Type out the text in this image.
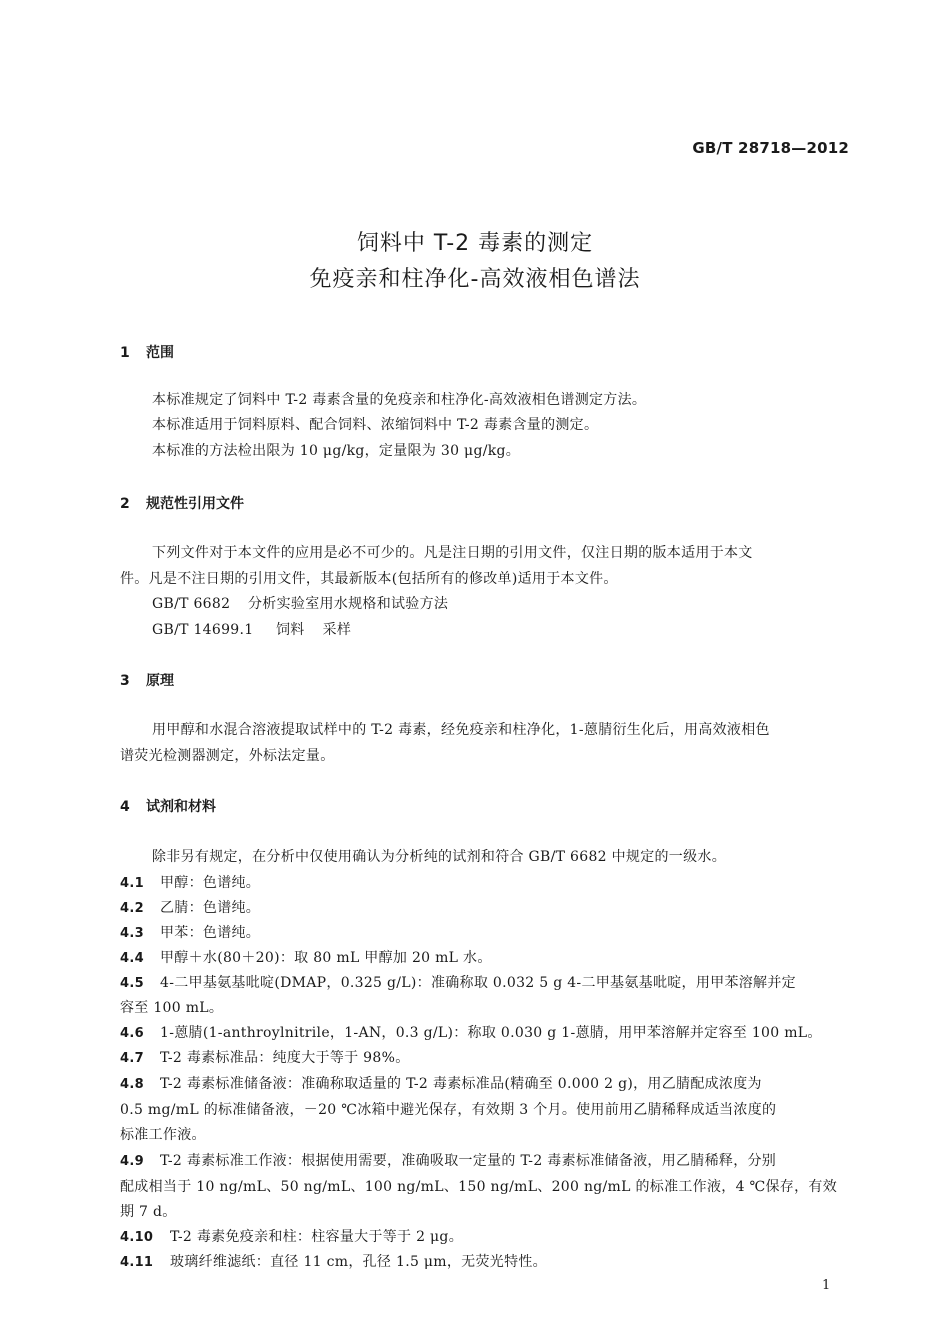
GB/T 28718—2012
饲料中 T-2 毒素的测定
免疫亲和柱净化-高效液相色谱法
1 范围
本标准规定了饲料中 T-2 毒素含量的免疫亲和柱净化-高效液相色谱测定方法。
本标准适用于饲料原料、配合饲料、浓缩饲料中 T-2 毒素含量的测定。
本标准的方法检出限为 10 μg/kg，定量限为 30 μg/kg。
2 规范性引用文件
下列文件对于本文件的应用是必不可少的。凡是注日期的引用文件，仅注日期的版本适用于本文
件。凡是不注日期的引用文件，其最新版本(包括所有的修改单)适用于本文件。
GB/T 6682 分析实验室用水规格和试验方法
GB/T 14699.1 饲料 采样
3 原理
用甲醇和水混合溶液提取试样中的 T-2 毒素，经免疫亲和柱净化，1-蒽腈衍生化后，用高效液相色
谱荧光检测器测定，外标法定量。
4 试剂和材料
除非另有规定，在分析中仅使用确认为分析纯的试剂和符合 GB/T 6682 中规定的一级水。
4.1 甲醇：色谱纯。
4.2 乙腈：色谱纯。
4.3 甲苯：色谱纯。
4.4 甲醇＋水(80＋20)：取 80 mL 甲醇加 20 mL 水。
4.5 4-二甲基氨基吡啶(DMAP，0.325 g/L)：准确称取 0.032 5 g 4-二甲基氨基吡啶，用甲苯溶解并定
容至 100 mL。
4.6 1-蒽腈(1-anthroylnitrile，1-AN，0.3 g/L)：称取 0.030 g 1-蒽腈，用甲苯溶解并定容至 100 mL。
4.7 T-2 毒素标准品：纯度大于等于 98%。
4.8 T-2 毒素标准储备液：准确称取适量的 T-2 毒素标准品(精确至 0.000 2 g)，用乙腈配成浓度为
0.5 mg/mL 的标准储备液，－20 ℃冰箱中避光保存，有效期 3 个月。使用前用乙腈稀释成适当浓度的
标准工作液。
4.9 T-2 毒素标准工作液：根据使用需要，准确吸取一定量的 T-2 毒素标准储备液，用乙腈稀释，分别
配成相当于 10 ng/mL、50 ng/mL、100 ng/mL、150 ng/mL、200 ng/mL 的标准工作液，4 ℃保存，有效
期 7 d。
4.10 T-2 毒素免疫亲和柱：柱容量大于等于 2 μg。
4.11 玻璃纤维滤纸：直径 11 cm，孔径 1.5 μm，无荧光特性。
1
